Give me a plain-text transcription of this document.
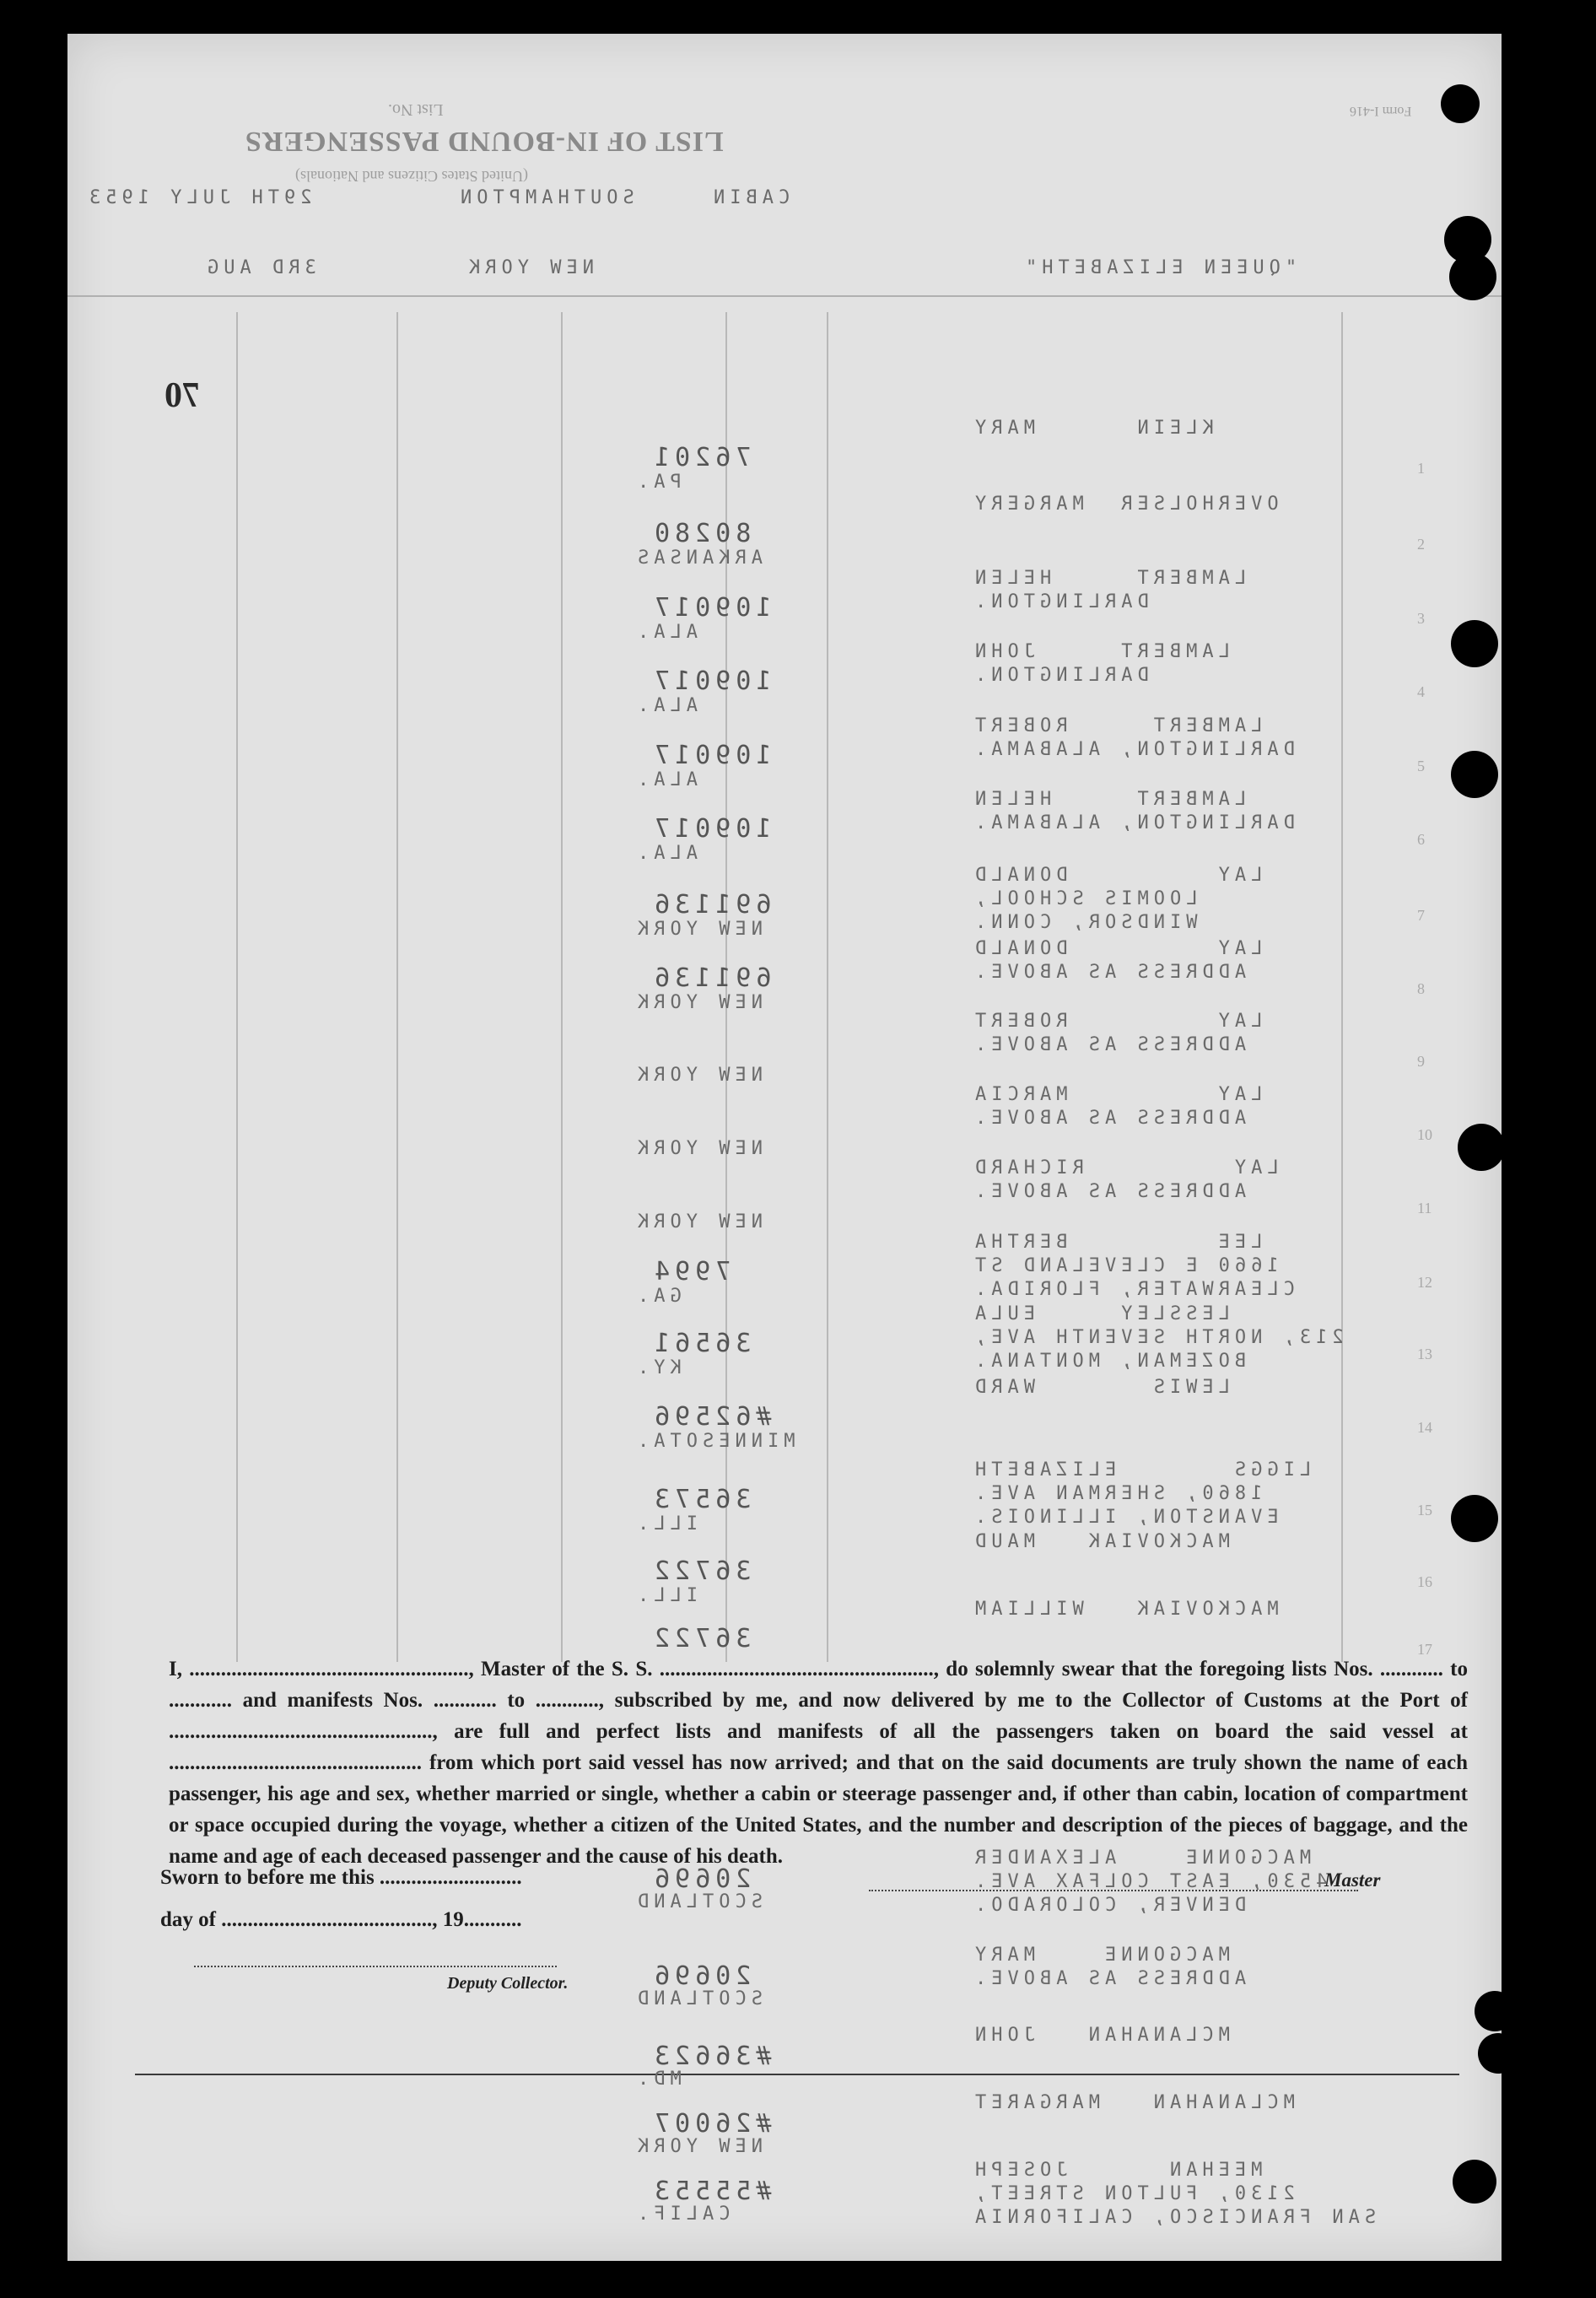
LIST OF IN-BOUND PASSENGERS
List No.
(United States Citizens and Nationals)
Form I-416
CABIN
SOUTHAMPTON
29TH JULY 1953
"QUEEN ELIZABETH"
NEW YORK
3RD AUG
70
KLEIN      MARY
76201
PA.
1
OVERHOLSER  MARGERY
80280
ARKANSAS
2
LAMBERT     HELEN
DARLINGTON.
109017
ALA.
3
LAMBERT     JOHN
DARLINGTON.
109017
ALA.
4
LAMBERT     ROBERT
DARLINGTON, ALABAMA.
109017
ALA.
5
LAMBERT     HELEN
DARLINGTON, ALABAMA.
109017
ALA.
6
LAY         DONALD
LOOMIS SCHOOL,
WINDSOR, CONN.
691136
NEW YORK
7
LAY         DONALD
ADDRESS AS ABOVE.
691136
NEW YORK
8
LAY         ROBERT
ADDRESS AS ABOVE.
NEW YORK
9
LAY         MARCIA
ADDRESS AS ABOVE.
NEW YORK
10
LAY         RICHARD
ADDRESS AS ABOVE.
NEW YORK
11
LEE         BERTHA
1660 E CLEVELAND ST
CLEARWATER, FLORIDA.
7994
GA.
12
LESSLEY     EULA
213, NORTH SEVENTH AVE,
BOZEMAN, MONTANA.
36561
KY.
13
LEWIS       WARD
#62596
MINNESOTA.
14
LIGGS       ELIZABETH
1860, SHERMAN AVE.
EVANSTON, ILLINOIS.
36573
ILL.
15
MACKOVIAK   MAUD
36722
ILL.
16
MACKOVIAK   WILLIAM
36722	17
I, ....................................................., Master of the S. S. ...................................................., do solemnly swear that the foregoing lists Nos. ............ to ............ and manifests Nos. ............ to ............, subscribed by me, and now delivered by me to the Collector of Customs at the Port of .................................................., are full and perfect lists and manifests of all the passengers taken on board the said vessel at ................................................ from which port said vessel has now arrived; and that on the said documents are truly shown the name of each passenger, his age and sex, whether married or single, whether a cabin or steerage passenger and, if other than cabin, location of compartment or space occupied during the voyage, whether a citizen of the United States, and the number and description of the pieces of baggage, and the name and age of each deceased passenger and the cause of his death.
Sworn to before me this ...........................
day of ........................................, 19...........
Master
Deputy Collector.
MACGONNE    ALEXANDER
4530, EAST COLFAX AVE.
DENVER, COLORADO.
20696
SCOTLAND
MACGONNE    MARY
ADDRESS AS ABOVE.
20696
SCOTLAND
MCLANAHAN   JOHN
#36623
MD.
MCLANAHAN   MARGARET
#26007
NEW YORK
MEEHAN      JOSEPH
2130, FULTON STREET,
SAN FRANCISCO, CALIFORNIA
#55553
CALIF.
